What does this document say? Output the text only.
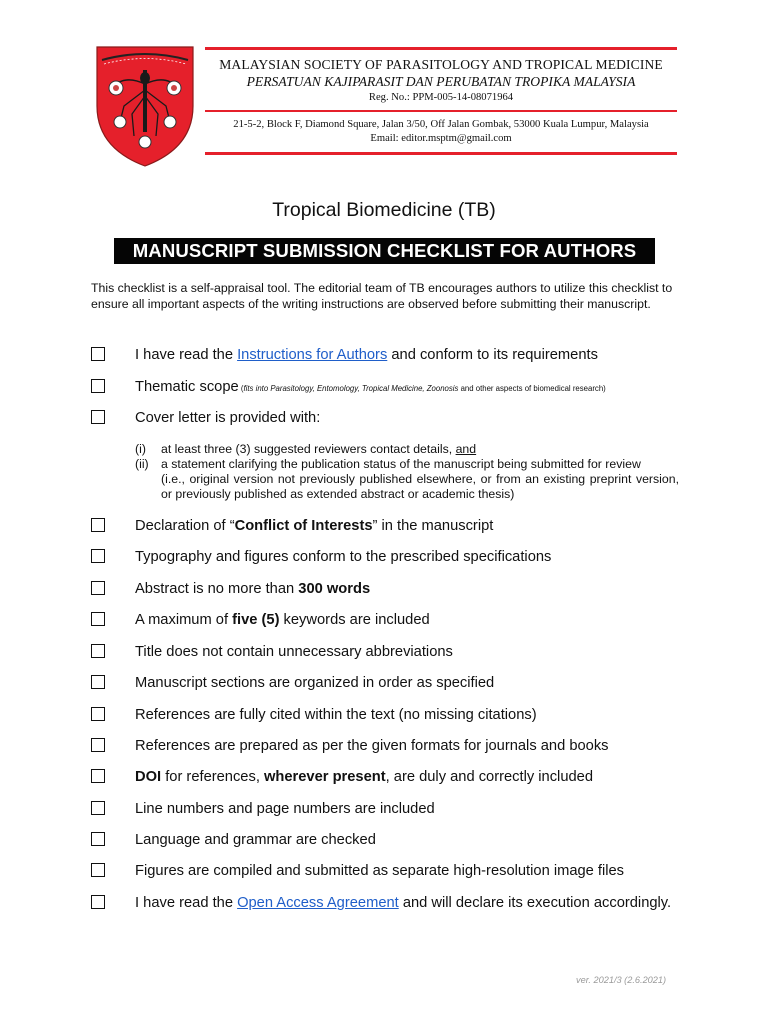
MALAYSIAN SOCIETY OF PARASITOLOGY AND TROPICAL MEDICINE
PERSATUAN KAJIPARASIT DAN PERUBATAN TROPIKA MALAYSIA
Reg. No.: PPM-005-14-08071964
21-5-2, Block F, Diamond Square, Jalan 3/50, Off Jalan Gombak, 53000 Kuala Lumpur, Malaysia
Email: editor.msptm@gmail.com
Tropical Biomedicine (TB)
MANUSCRIPT SUBMISSION CHECKLIST FOR AUTHORS
This checklist is a self-appraisal tool. The editorial team of TB encourages authors to utilize this checklist to ensure all important aspects of the writing instructions are observed before submitting their manuscript.
I have read the Instructions for Authors and conform to its requirements
Thematic scope (fits into Parasitology, Entomology, Tropical Medicine, Zoonosis and other aspects of biomedical research)
Cover letter is provided with:
(i) at least three (3) suggested reviewers contact details, and
(ii) a statement clarifying the publication status of the manuscript being submitted for review
(i.e., original version not previously published elsewhere, or from an existing preprint version, or previously published as extended abstract or academic thesis)
Declaration of “Conflict of Interests” in the manuscript
Typography and figures conform to the prescribed specifications
Abstract is no more than 300 words
A maximum of five (5) keywords are included
Title does not contain unnecessary abbreviations
Manuscript sections are organized in order as specified
References are fully cited within the text (no missing citations)
References are prepared as per the given formats for journals and books
DOI for references, wherever present, are duly and correctly included
Line numbers and page numbers are included
Language and grammar are checked
Figures are compiled and submitted as separate high-resolution image files
I have read the Open Access Agreement and will declare its execution accordingly.
ver. 2021/3 (2.6.2021)
